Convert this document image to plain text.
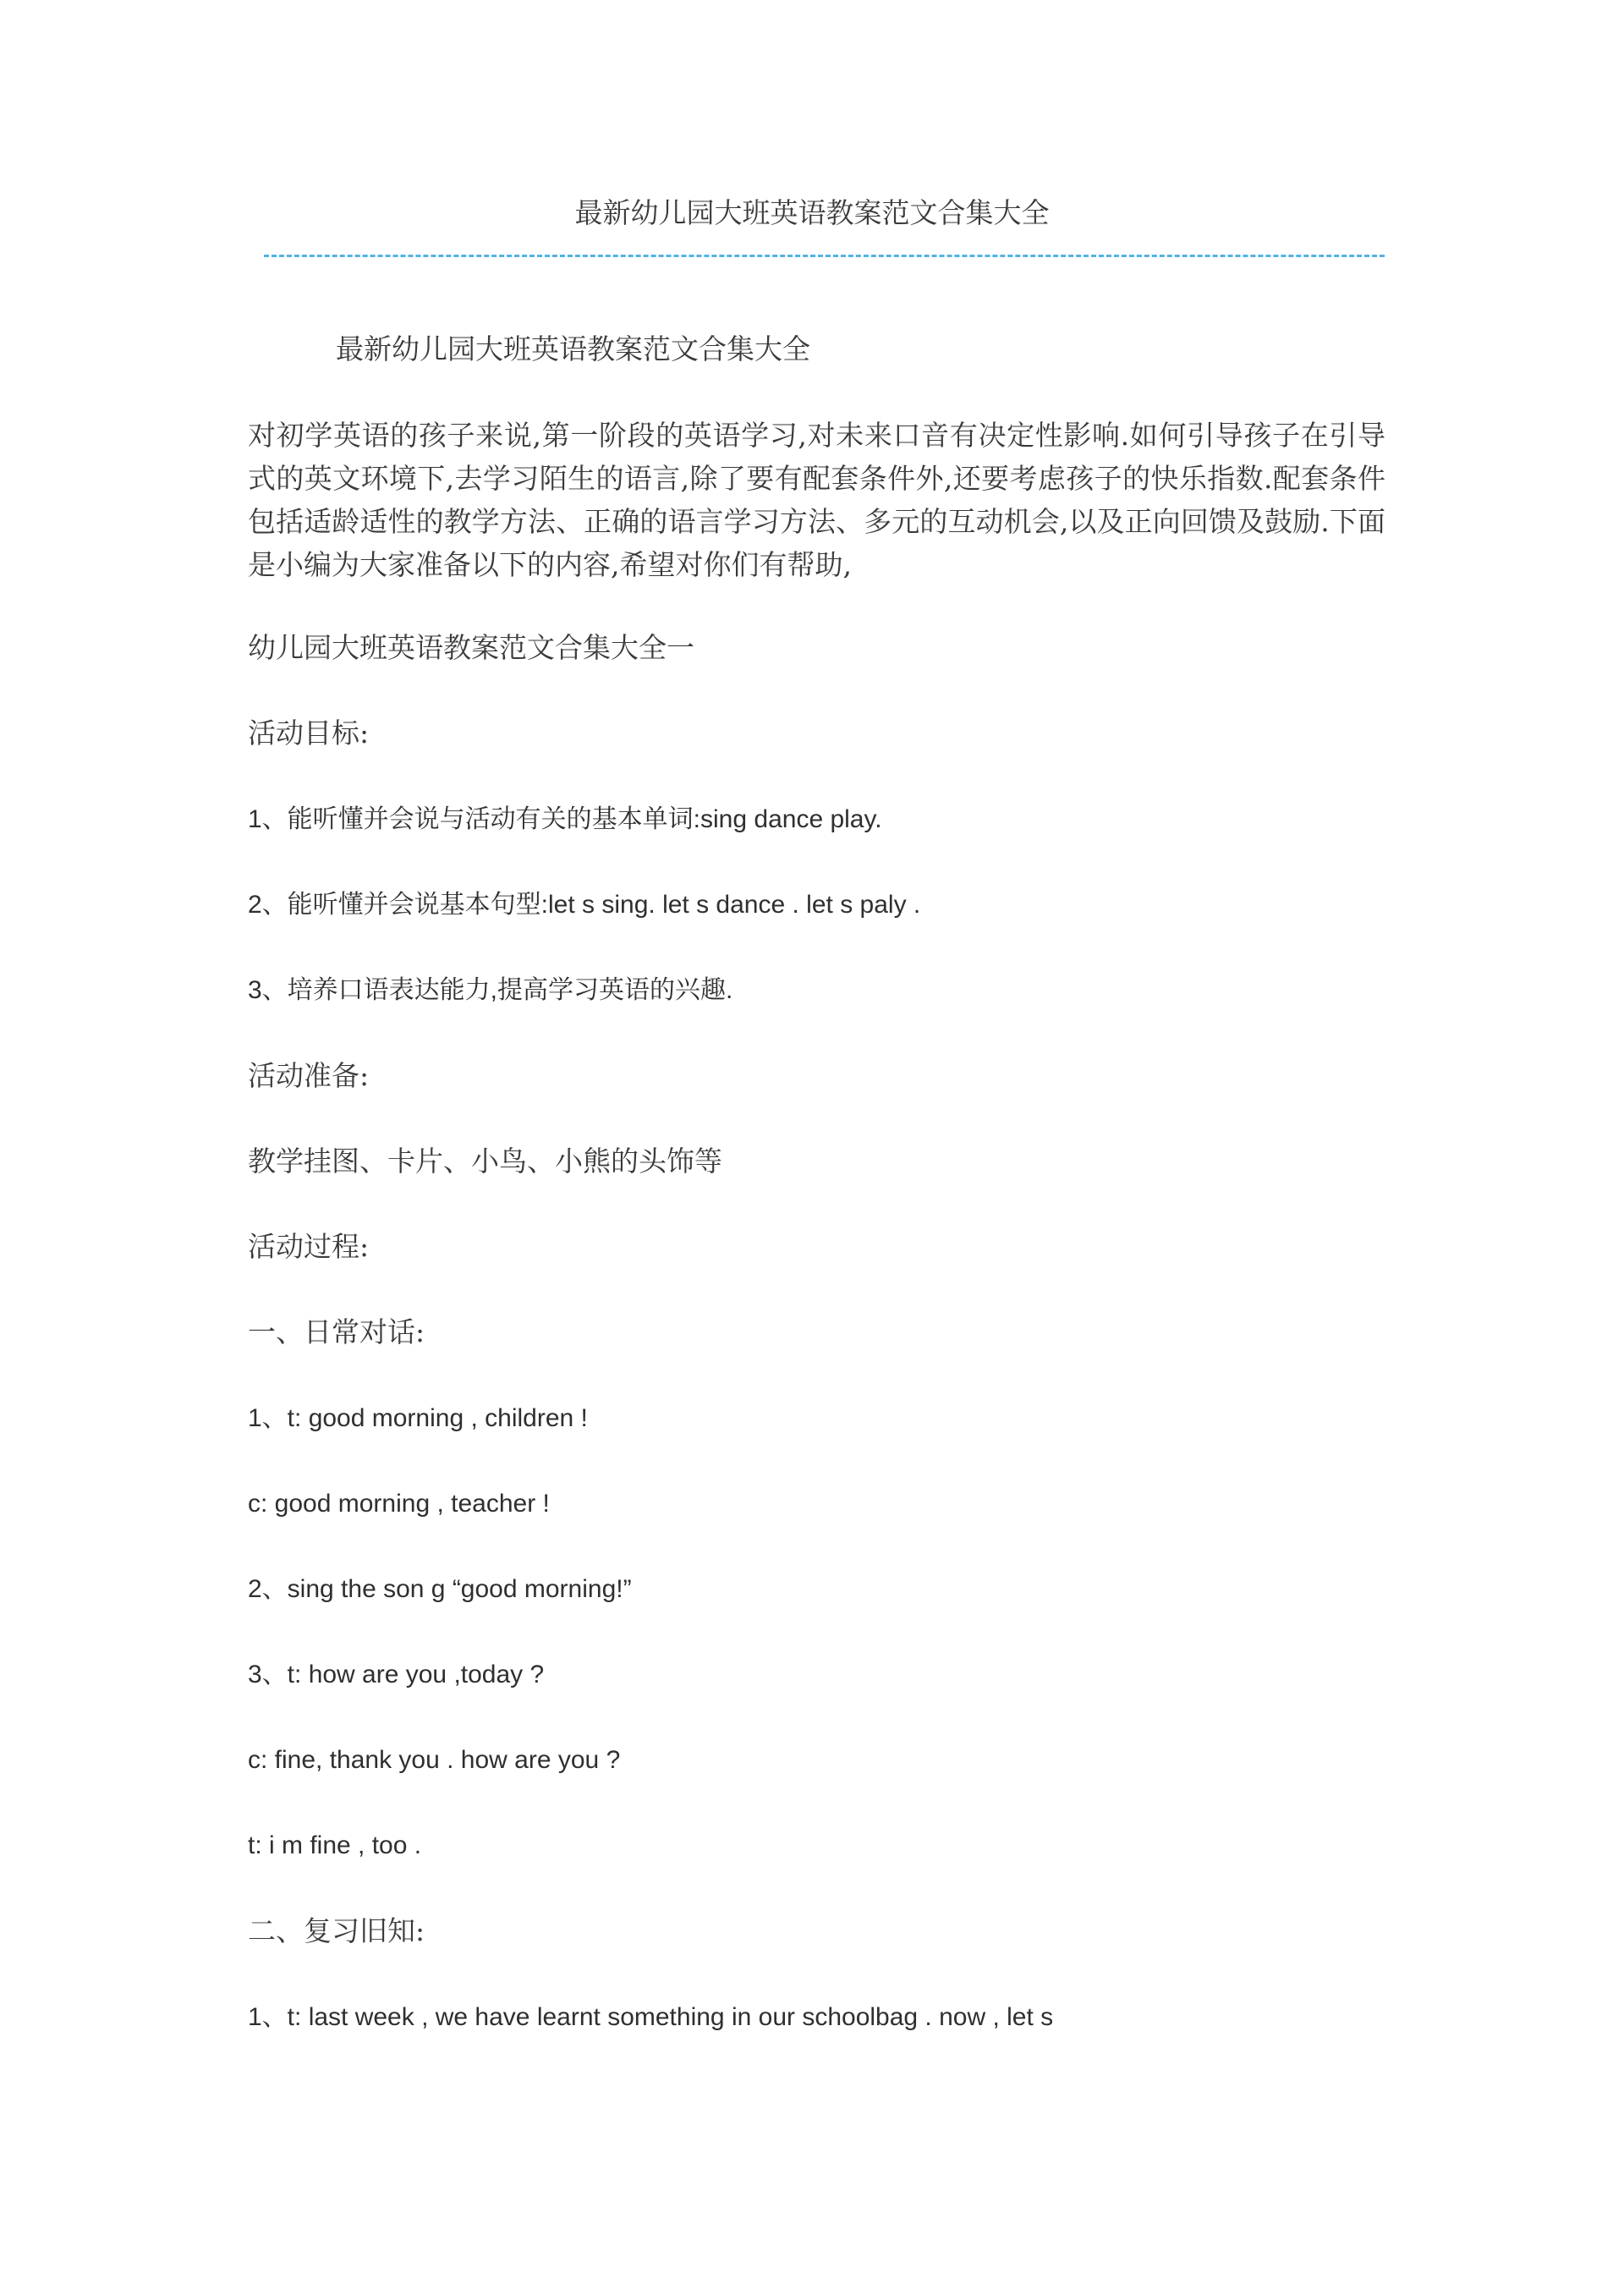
最新幼儿园大班英语教案范文合集大全
最新幼儿园大班英语教案范文合集大全
对初学英语的孩子来说,第一阶段的英语学习,对未来口音有决定性影响.如何引导孩子在引导式的英文环境下,去学习陌生的语言,除了要有配套条件外,还要考虑孩子的快乐指数.配套条件包括适龄适性的教学方法、正确的语言学习方法、多元的互动机会,以及正向回馈及鼓励.下面是小编为大家准备以下的内容,希望对你们有帮助,
幼儿园大班英语教案范文合集大全一
活动目标:
1、能听懂并会说与活动有关的基本单词:sing dance play.
2、能听懂并会说基本句型:let s sing. let s dance . let s paly .
3、培养口语表达能力,提高学习英语的兴趣.
活动准备:
教学挂图、卡片、小鸟、小熊的头饰等
活动过程:
一、日常对话:
1、t: good morning , children !
c: good morning , teacher !
2、sing the son g “good morning!”
3、t: how are you ,today ?
c: fine, thank you . how are you ?
t: i m fine , too .
二、复习旧知:
1、t: last week , we have learnt something in our schoolbag . now , let s
